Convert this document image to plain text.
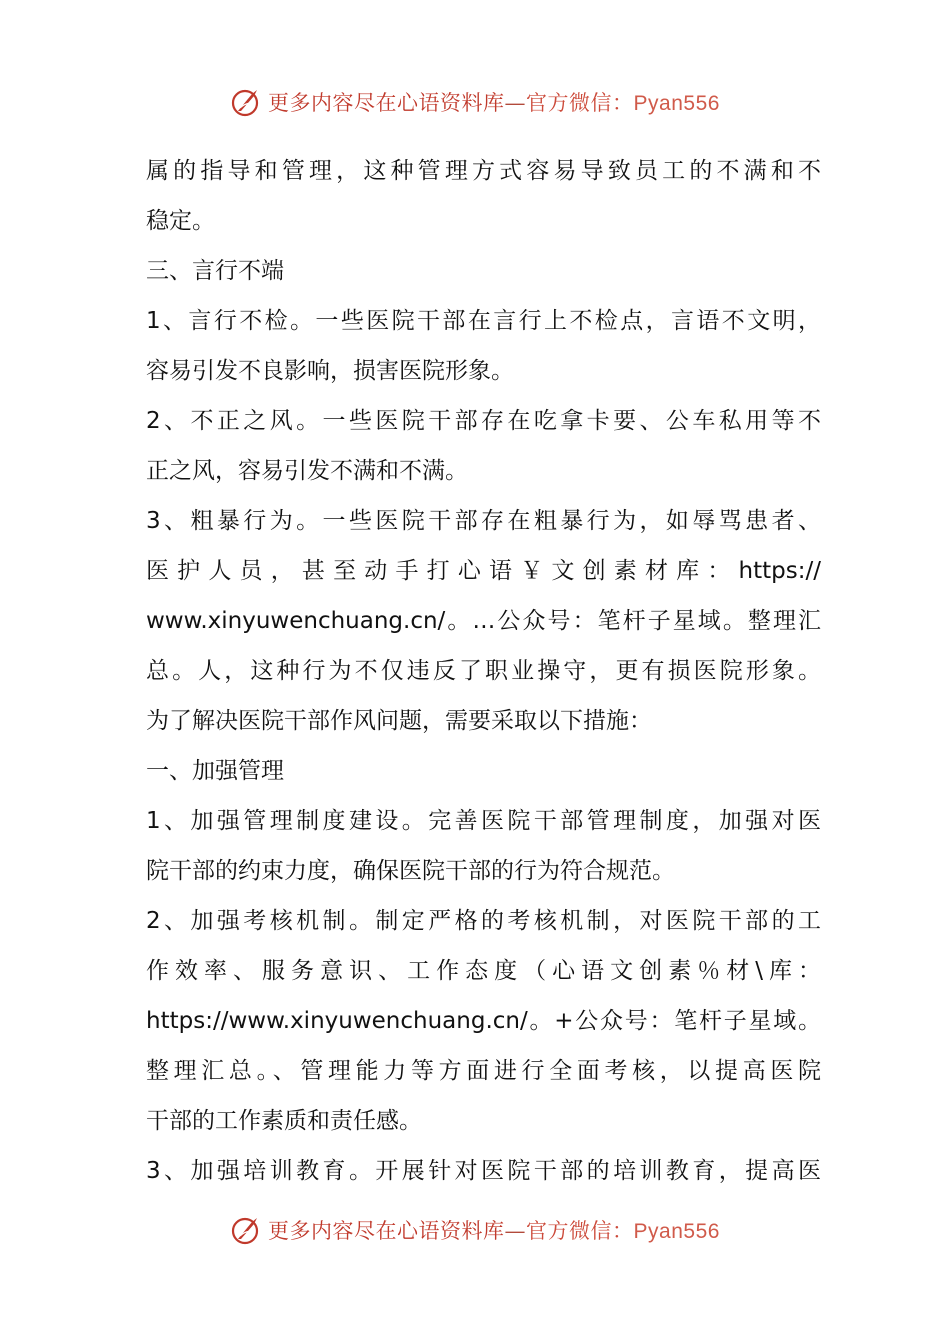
更多内容尽在心语资料库—官方微信：Pyan556
属的指导和管理，这种管理方式容易导致员工的不满和不
稳定。
三、言行不端
1、言行不检。一些医院干部在言行上不检点，言语不文明，
容易引发不良影响，损害医院形象。
2、不正之风。一些医院干部存在吃拿卡要、公车私用等不
正之风，容易引发不满和不满。
3、粗暴行为。一些医院干部存在粗暴行为，如辱骂患者、
医护人员，甚至动手打心语￥文创素材库：https://
www.xinyuwenchuang.cn/。…公众号：笔杆子星域。整理汇
总。人，这种行为不仅违反了职业操守，更有损医院形象。
为了解决医院干部作风问题，需要采取以下措施：
一、加强管理
1、加强管理制度建设。完善医院干部管理制度，加强对医
院干部的约束力度，确保医院干部的行为符合规范。
2、加强考核机制。制定严格的考核机制，对医院干部的工
作效率、服务意识、工作态度（心语文创素％材\库：
https://www.xinyuwenchuang.cn/。+公众号：笔杆子星域。
整理汇总。、管理能力等方面进行全面考核，以提高医院
干部的工作素质和责任感。
3、加强培训教育。开展针对医院干部的培训教育，提高医
更多内容尽在心语资料库—官方微信：Pyan556
